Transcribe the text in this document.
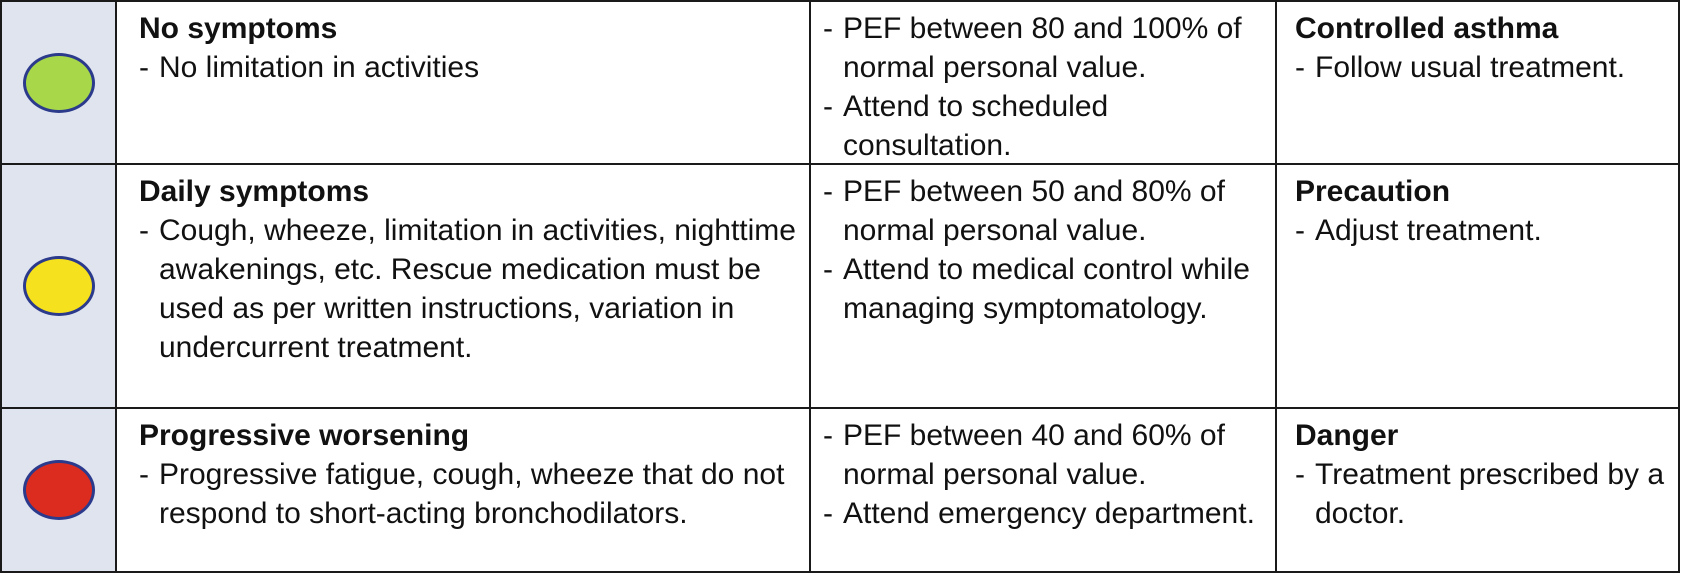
No symptoms
- No limitation in activities
- PEF between 80 and 100% of normal personal value.
- Attend to scheduled consultation.
Controlled asthma
- Follow usual treatment.
Daily symptoms
- Cough, wheeze, limitation in activities, nighttime awakenings, etc. Rescue medication must be used as per written instructions, variation in undercurrent treatment.
- PEF between 50 and 80% of normal personal value.
- Attend to medical control while managing symptomatology.
Precaution
- Adjust treatment.
Progressive worsening
- Progressive fatigue, cough, wheeze that do not respond to short-acting bronchodilators.
- PEF between 40 and 60% of normal personal value.
- Attend emergency department.
Danger
- Treatment prescribed by a doctor.
